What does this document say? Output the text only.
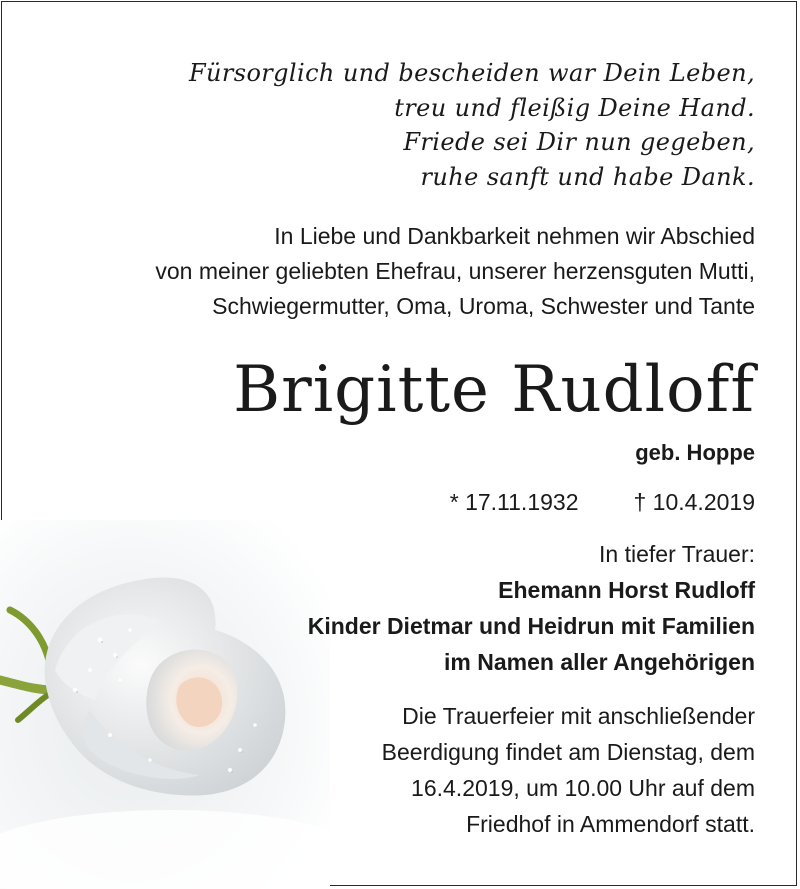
Fürsorglich und bescheiden war Dein Leben,
treu und fleißig Deine Hand.
Friede sei Dir nun gegeben,
ruhe sanft und habe Dank.
In Liebe und Dankbarkeit nehmen wir Abschied
von meiner geliebten Ehefrau, unserer herzensguten Mutti,
Schwiegermutter, Oma, Uroma, Schwester und Tante
Brigitte Rudloff
geb. Hoppe
* 17.11.1932 † 10.4.2019
In tiefer Trauer:
Ehemann Horst Rudloff
Kinder Dietmar und Heidrun mit Familien
im Namen aller Angehörigen
Die Trauerfeier mit anschließender
Beerdigung findet am Dienstag, dem
16.4.2019, um 10.00 Uhr auf dem
Friedhof in Ammendorf statt.
